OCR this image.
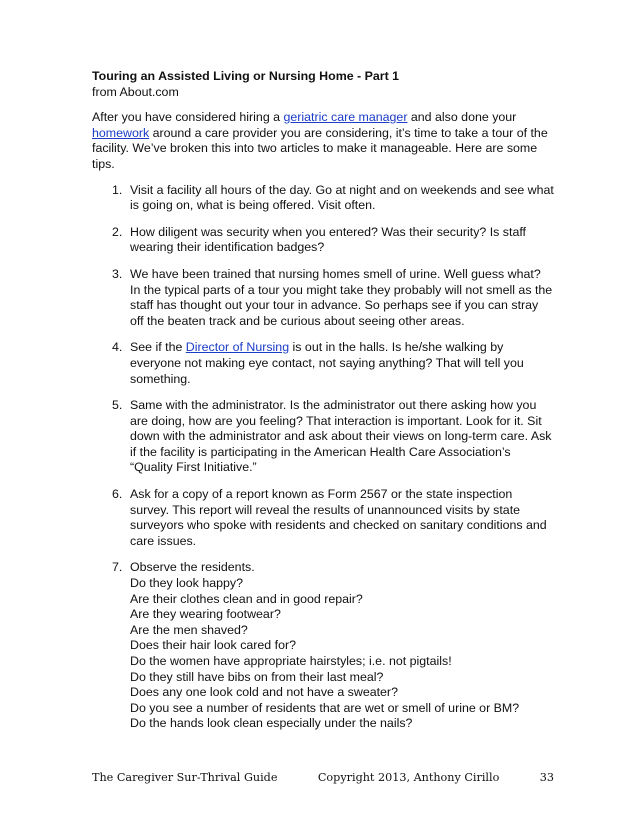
Touring an Assisted Living or Nursing Home - Part 1

from About.com

After you have considered hiring a geriatric care manager and also done your homework around a care provider you are considering, it’s time to take a tour of the facility. We’ve broken this into two articles to make it manageable. Here are some tips.

1. Visit a facility all hours of the day. Go at night and on weekends and see what is going on, what is being offered. Visit often.
2. How diligent was security when you entered? Was their security? Is staff wearing their identification badges?
3. We have been trained that nursing homes smell of urine. Well guess what? In the typical parts of a tour you might take they probably will not smell as the staff has thought out your tour in advance. So perhaps see if you can stray off the beaten track and be curious about seeing other areas.
4. See if the Director of Nursing is out in the halls. Is he/she walking by everyone not making eye contact, not saying anything? That will tell you something.
5. Same with the administrator. Is the administrator out there asking how you are doing, how are you feeling? That interaction is important. Look for it. Sit down with the administrator and ask about their views on long-term care. Ask if the facility is participating in the American Health Care Association’s “Quality First Initiative.”
6. Ask for a copy of a report known as Form 2567 or the state inspection survey. This report will reveal the results of unannounced visits by state surveyors who spoke with residents and checked on sanitary conditions and care issues.
7. Observe the residents.
Do they look happy?
Are their clothes clean and in good repair?
Are they wearing footwear?
Are the men shaved?
Does their hair look cared for?
Do the women have appropriate hairstyles; i.e. not pigtails!
Do they still have bibs on from their last meal?
Does any one look cold and not have a sweater?
Do you see a number of residents that are wet or smell of urine or BM?
Do the hands look clean especially under the nails?
The Caregiver Sur-Thrival Guide	Copyright 2013, Anthony Cirillo	33
